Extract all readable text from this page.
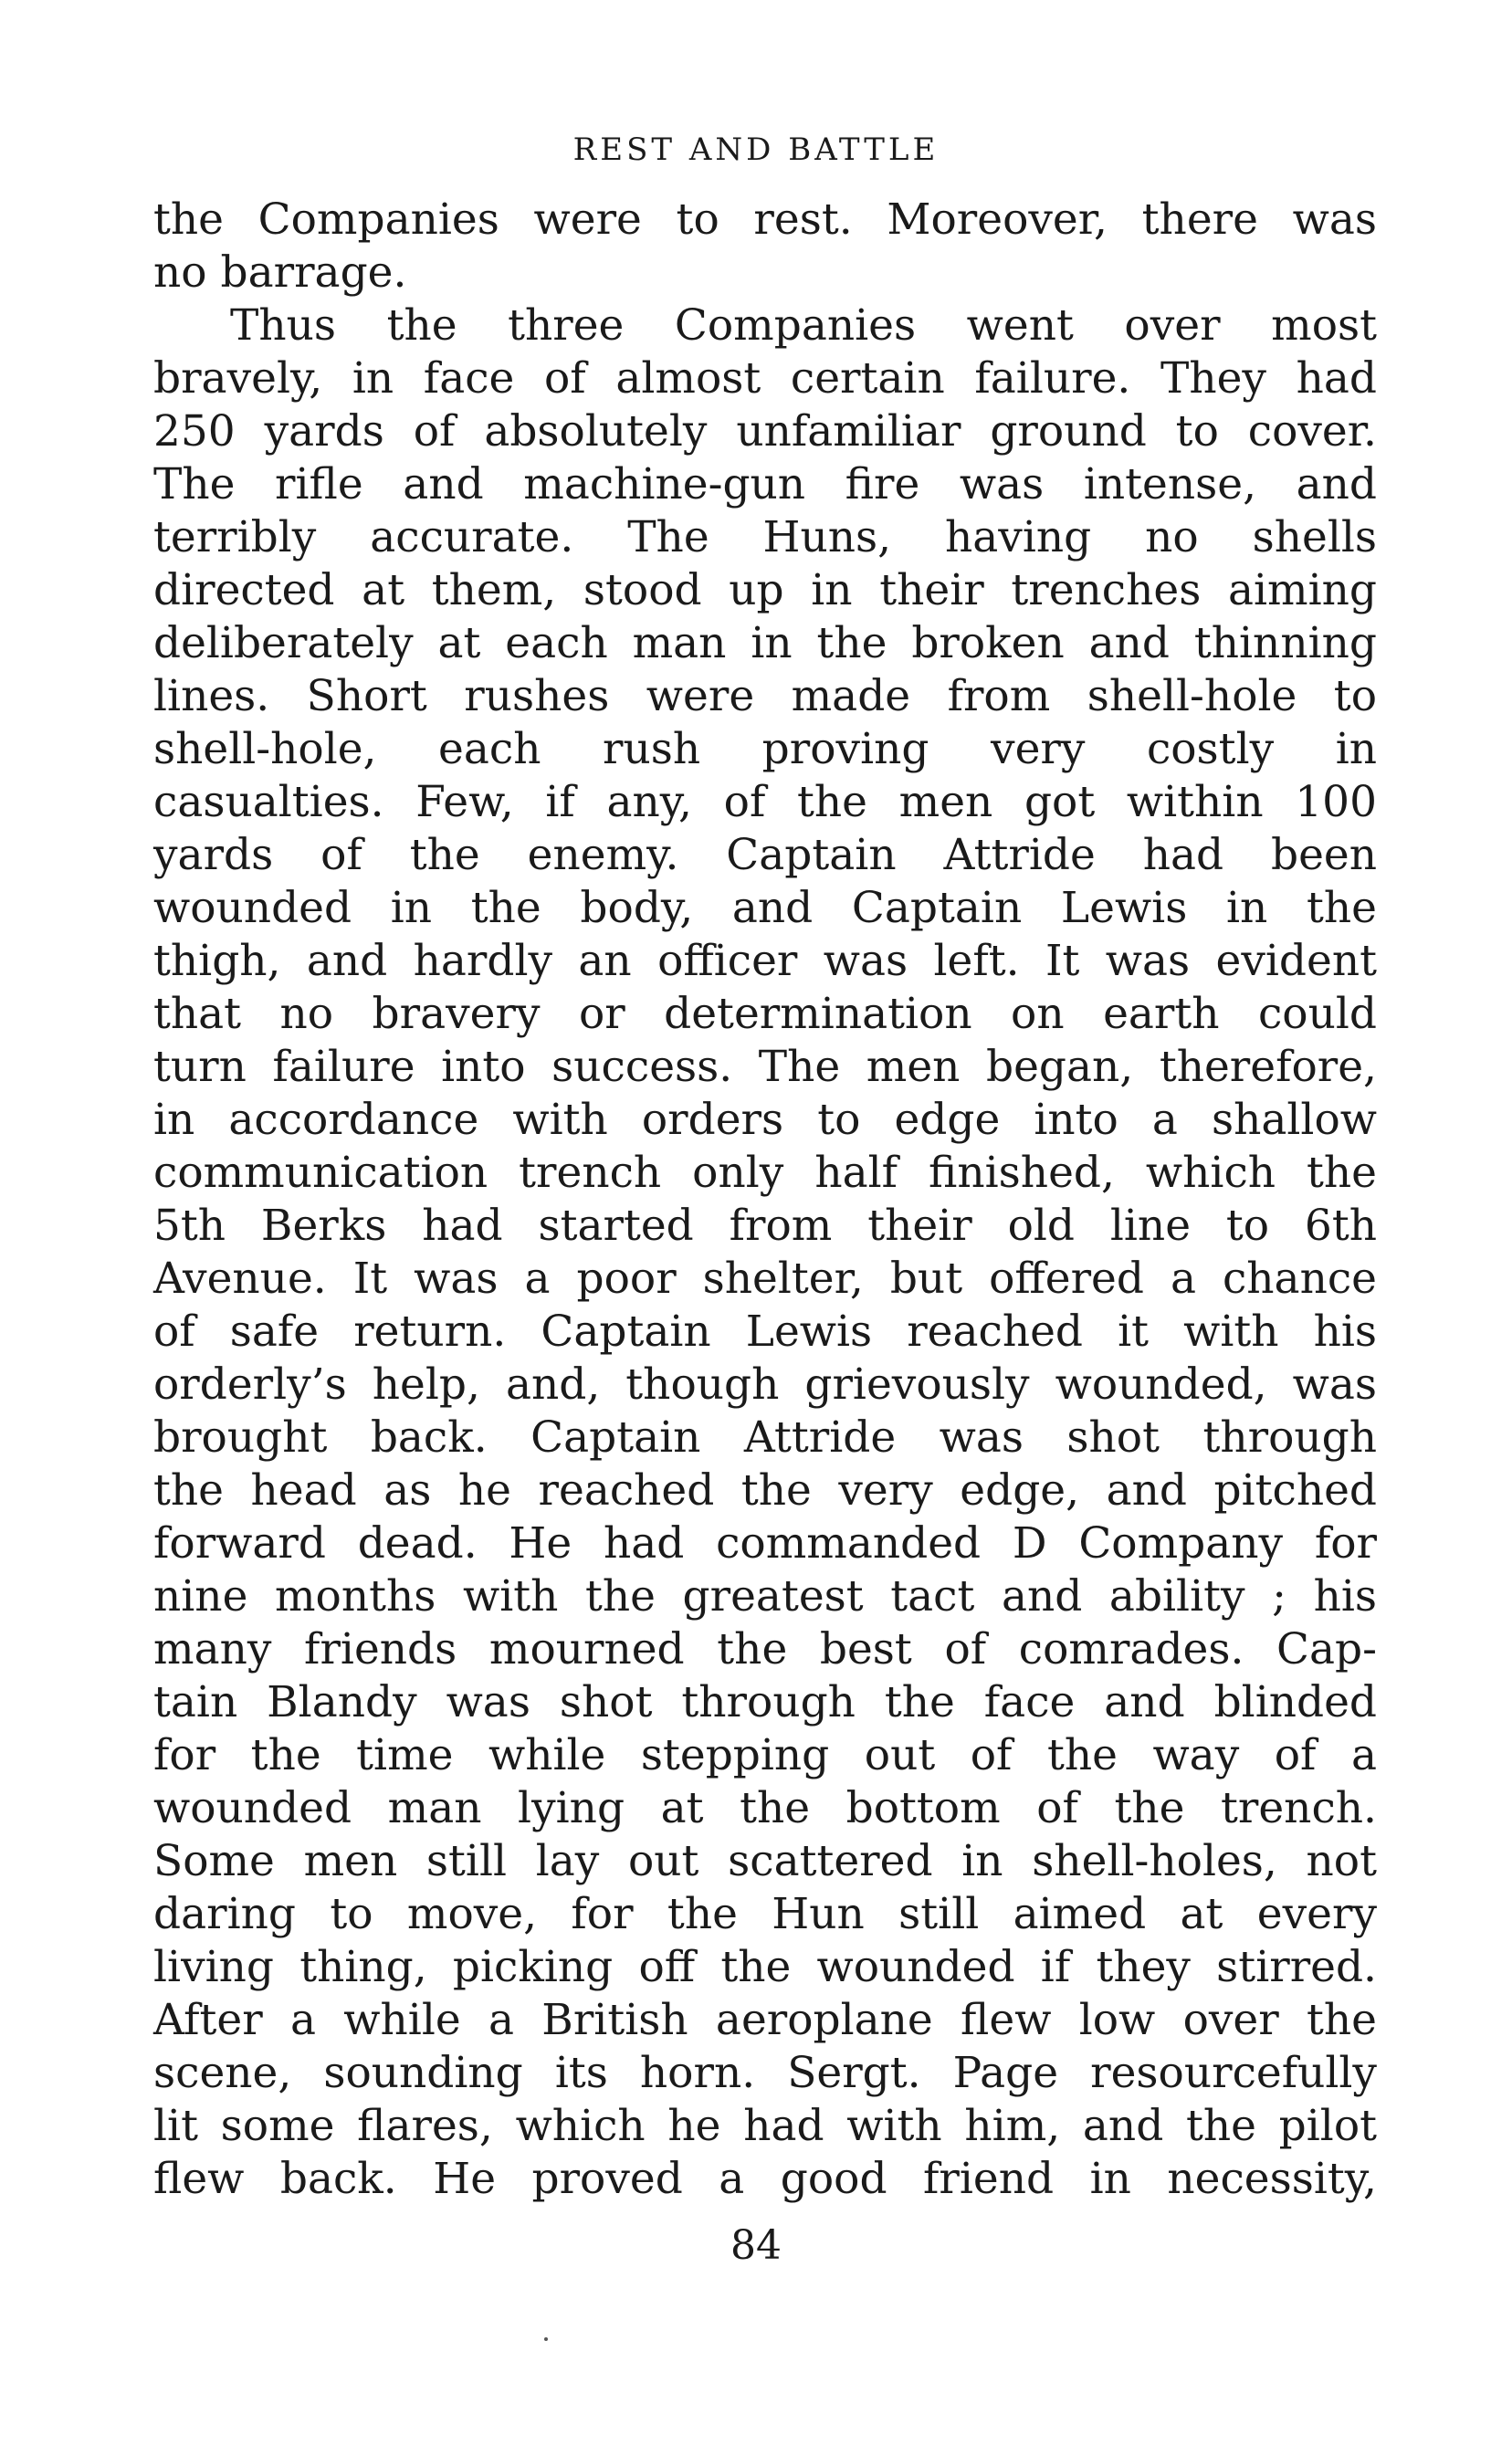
REST AND BATTLE
the Companies were to rest. Moreover, there was
no barrage.
Thus the three Companies went over most
bravely, in face of almost certain failure. They had
250 yards of absolutely unfamiliar ground to cover.
The rifle and machine-gun fire was intense, and
terribly accurate. The Huns, having no shells
directed at them, stood up in their trenches aiming
deliberately at each man in the broken and thinning
lines. Short rushes were made from shell-hole to
shell-hole, each rush proving very costly in
casualties. Few, if any, of the men got within 100
yards of the enemy. Captain Attride had been
wounded in the body, and Captain Lewis in the
thigh, and hardly an officer was left. It was evident
that no bravery or determination on earth could
turn failure into success. The men began, therefore,
in accordance with orders to edge into a shallow
communication trench only half finished, which the
5th Berks had started from their old line to 6th
Avenue. It was a poor shelter, but offered a chance
of safe return. Captain Lewis reached it with his
orderly’s help, and, though grievously wounded, was
brought back. Captain Attride was shot through
the head as he reached the very edge, and pitched
forward dead. He had commanded D Company for
nine months with the greatest tact and ability ; his
many friends mourned the best of comrades. Cap-
tain Blandy was shot through the face and blinded
for the time while stepping out of the way of a
wounded man lying at the bottom of the trench.
Some men still lay out scattered in shell-holes, not
daring to move, for the Hun still aimed at every
living thing, picking off the wounded if they stirred.
After a while a British aeroplane flew low over the
scene, sounding its horn. Sergt. Page resourcefully
lit some flares, which he had with him, and the pilot
flew back. He proved a good friend in necessity,
84
